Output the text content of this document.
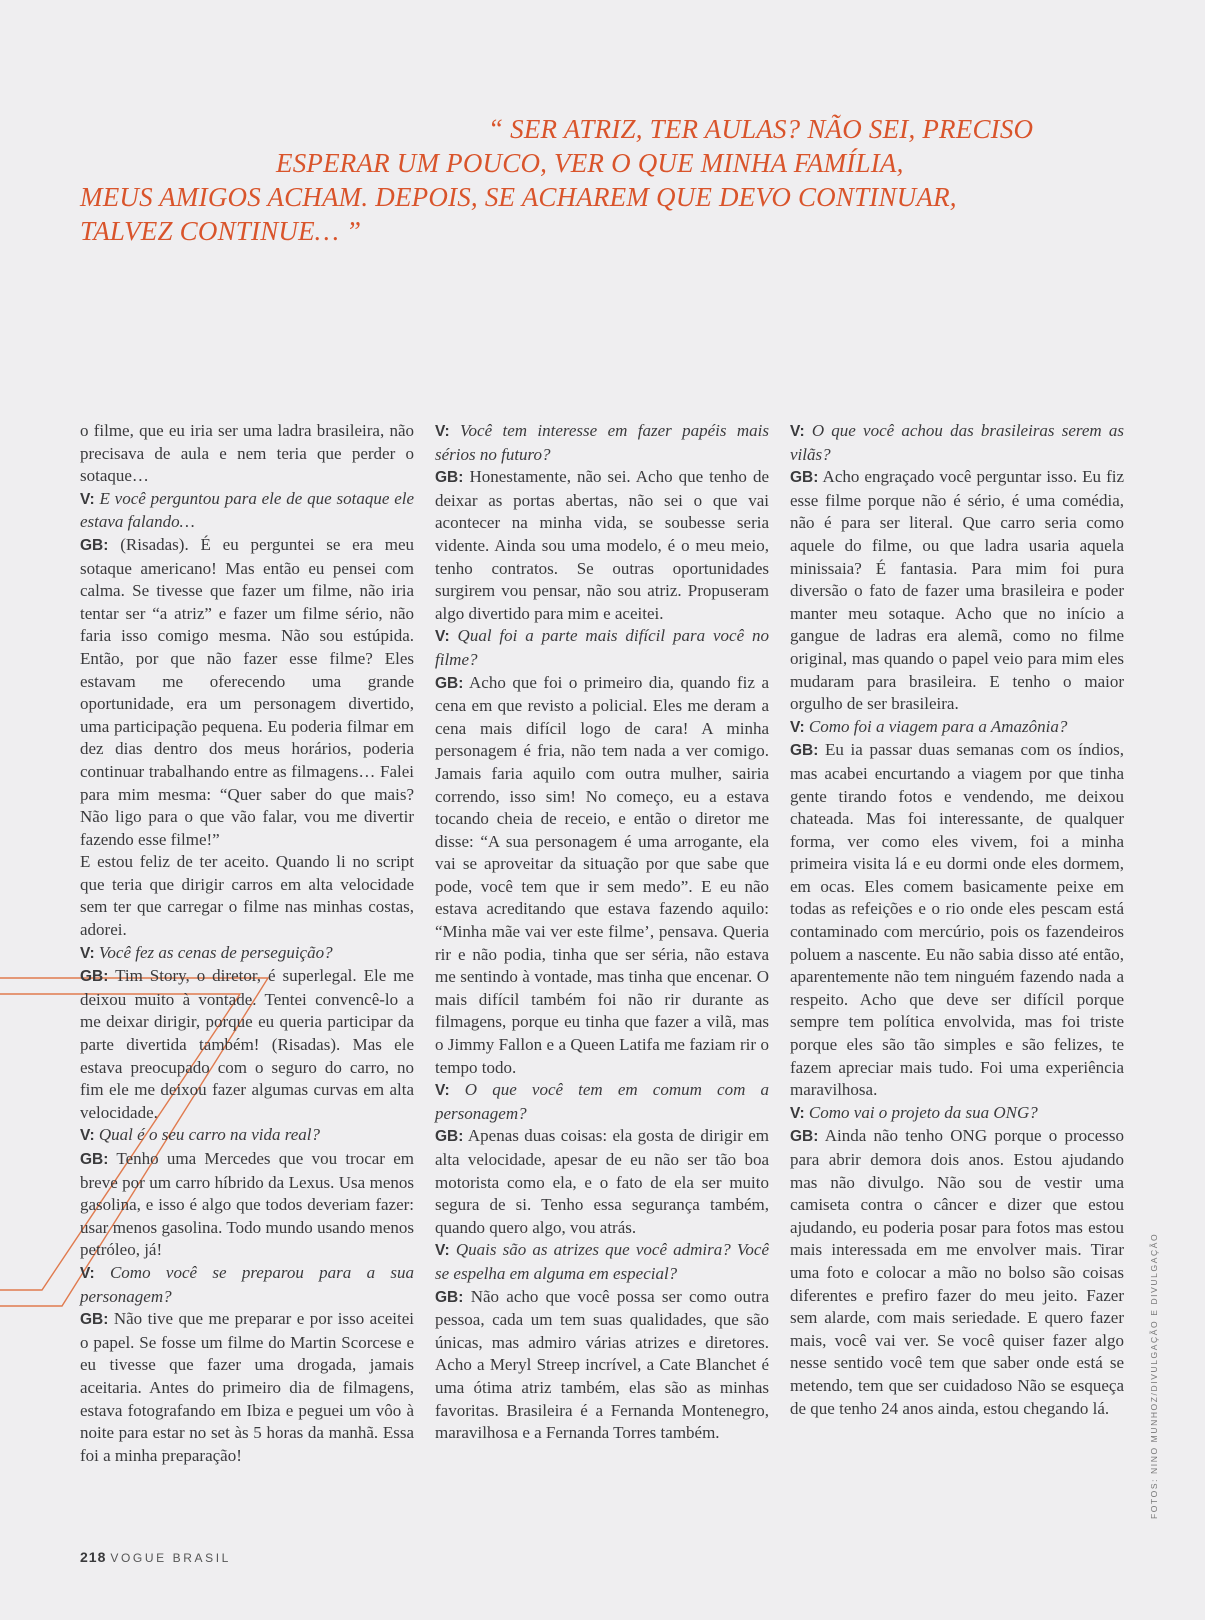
“ SER ATRIZ, TER AULAS? NÃO SEI, PRECISO
ESPERAR UM POUCO, VER O QUE MINHA FAMÍLIA,
MEUS AMIGOS ACHAM. DEPOIS, SE ACHAREM QUE DEVO CONTINUAR,
TALVEZ CONTINUE… ”

o filme, que eu iria ser uma ladra brasileira, não precisava de aula e nem teria que perder o sotaque…

V: E você perguntou para ele de que sotaque ele estava falando…

GB: (Risadas). É eu perguntei se era meu sotaque americano! Mas então eu pensei com calma. Se tivesse que fazer um filme, não iria tentar ser “a atriz” e fazer um filme sério, não faria isso comigo mesma. Não sou estúpida. Então, por que não fazer esse filme? Eles estavam me oferecendo uma grande oportunidade, era um personagem divertido, uma participação pequena. Eu poderia filmar em dez dias dentro dos meus horários, poderia continuar trabalhando entre as filmagens… Falei para mim mesma: “Quer saber do que mais? Não ligo para o que vão falar, vou me divertir fazendo esse filme!”

E estou feliz de ter aceito. Quando li no script que teria que dirigir carros em alta velocidade sem ter que carregar o filme nas minhas costas, adorei.

V: Você fez as cenas de perseguição?

GB: Tim Story, o diretor, é superlegal. Ele me deixou muito à vontade. Tentei convencê-lo a me deixar dirigir, porque eu queria participar da parte divertida também! (Risadas). Mas ele estava preocupado com o seguro do carro, no fim ele me deixou fazer algumas curvas em alta velocidade.

V: Qual é o seu carro na vida real?

GB: Tenho uma Mercedes que vou trocar em breve por um carro híbrido da Lexus. Usa menos gasolina, e isso é algo que todos deveriam fazer: usar menos gasolina. Todo mundo usando menos petróleo, já!

V: Como você se preparou para a sua personagem?

GB: Não tive que me preparar e por isso aceitei o papel. Se fosse um filme do Martin Scorcese e eu tivesse que fazer uma drogada, jamais aceitaria. Antes do primeiro dia de filmagens, estava fotografando em Ibiza e peguei um vôo à noite para estar no set às 5 horas da manhã. Essa foi a minha preparação!

V: Você tem interesse em fazer papéis mais sérios no futuro?

GB: Honestamente, não sei. Acho que tenho de deixar as portas abertas, não sei o que vai acontecer na minha vida, se soubesse seria vidente. Ainda sou uma modelo, é o meu meio, tenho contratos. Se outras oportunidades surgirem vou pensar, não sou atriz. Propuseram algo divertido para mim e aceitei.

V: Qual foi a parte mais difícil para você no filme?

GB: Acho que foi o primeiro dia, quando fiz a cena em que revisto a policial. Eles me deram a cena mais difícil logo de cara! A minha personagem é fria, não tem nada a ver comigo. Jamais faria aquilo com outra mulher, sairia correndo, isso sim! No começo, eu a estava tocando cheia de receio, e então o diretor me disse: “A sua personagem é uma arrogante, ela vai se aproveitar da situação por que sabe que pode, você tem que ir sem medo”. E eu não estava acreditando que estava fazendo aquilo: “Minha mãe vai ver este filme’, pensava. Queria rir e não podia, tinha que ser séria, não estava me sentindo à vontade, mas tinha que encenar. O mais difícil também foi não rir durante as filmagens, porque eu tinha que fazer a vilã, mas o Jimmy Fallon e a Queen Latifa me faziam rir o tempo todo.

V: O que você tem em comum com a personagem?

GB: Apenas duas coisas: ela gosta de dirigir em alta velocidade, apesar de eu não ser tão boa motorista como ela, e o fato de ela ser muito segura de si. Tenho essa segurança também, quando quero algo, vou atrás.

V: Quais são as atrizes que você admira? Você se espelha em alguma em especial?

GB: Não acho que você possa ser como outra pessoa, cada um tem suas qualidades, que são únicas, mas admiro várias atrizes e diretores. Acho a Meryl Streep incrível, a Cate Blanchet é uma ótima atriz também, elas são as minhas favoritas. Brasileira é a Fernanda Montenegro, maravilhosa e a Fernanda Torres também.

V: O que você achou das brasileiras serem as vilãs?

GB: Acho engraçado você perguntar isso. Eu fiz esse filme porque não é sério, é uma comédia, não é para ser literal. Que carro seria como aquele do filme, ou que ladra usaria aquela minissaia? É fantasia. Para mim foi pura diversão o fato de fazer uma brasileira e poder manter meu sotaque. Acho que no início a gangue de ladras era alemã, como no filme original, mas quando o papel veio para mim eles mudaram para brasileira. E tenho o maior orgulho de ser brasileira.

V: Como foi a viagem para a Amazônia?

GB: Eu ia passar duas semanas com os índios, mas acabei encurtando a viagem por que tinha gente tirando fotos e vendendo, me deixou chateada. Mas foi interessante, de qualquer forma, ver como eles vivem, foi a minha primeira visita lá e eu dormi onde eles dormem, em ocas. Eles comem basicamente peixe em todas as refeições e o rio onde eles pescam está contaminado com mercúrio, pois os fazendeiros poluem a nascente. Eu não sabia disso até então, aparentemente não tem ninguém fazendo nada a respeito. Acho que deve ser difícil porque sempre tem política envolvida, mas foi triste porque eles são tão simples e são felizes, te fazem apreciar mais tudo. Foi uma experiência maravilhosa.

V: Como vai o projeto da sua ONG?

GB: Ainda não tenho ONG porque o processo para abrir demora dois anos. Estou ajudando mas não divulgo. Não sou de vestir uma camiseta contra o câncer e dizer que estou ajudando, eu poderia posar para fotos mas estou mais interessada em me envolver mais. Tirar uma foto e colocar a mão no bolso são coisas diferentes e prefiro fazer do meu jeito. Fazer sem alarde, com mais seriedade. E quero fazer mais, você vai ver. Se você quiser fazer algo nesse sentido você tem que saber onde está se metendo, tem que ser cuidadoso Não se esqueça de que tenho 24 anos ainda, estou chegando lá.

218 VOGUE BRASIL
FOTOS: NINO MUNHOZ/DIVULGAÇÃO E DIVULGAÇÃO
